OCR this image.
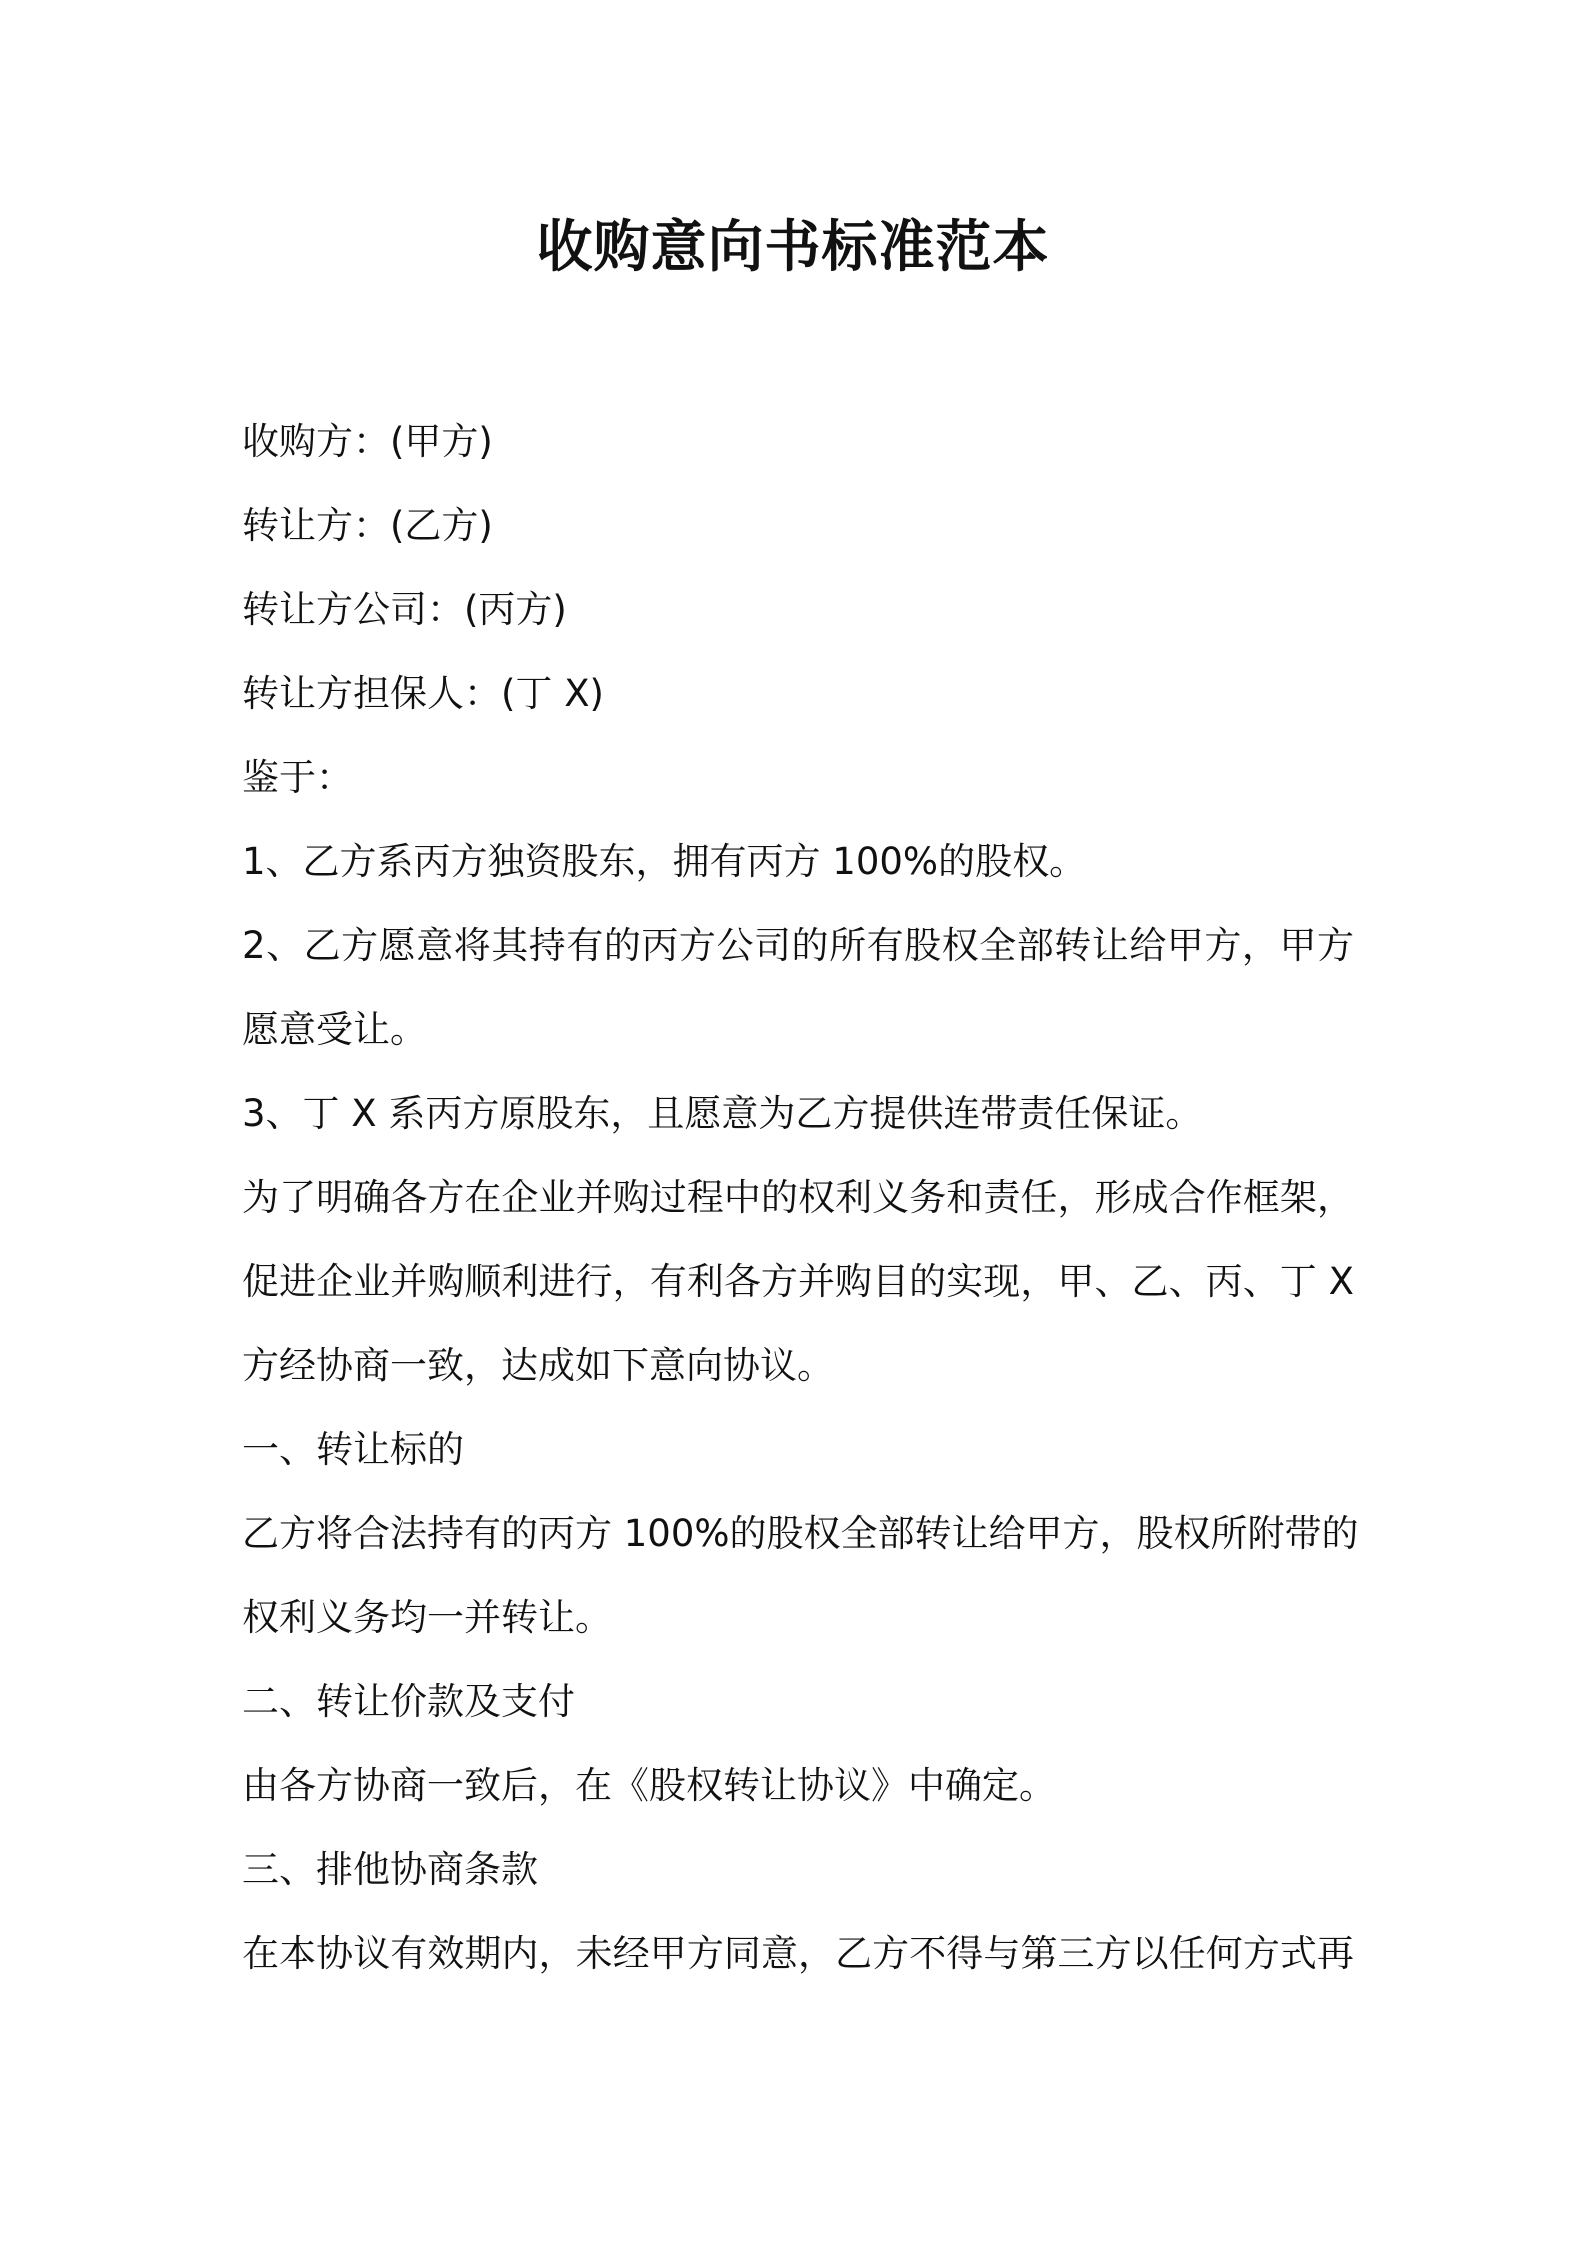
收购意向书标准范本

收购方：(甲方)

转让方：(乙方)

转让方公司：(丙方)

转让方担保人：(丁 X)

鉴于：

1、乙方系丙方独资股东，拥有丙方 100%的股权。

2、乙方愿意将其持有的丙方公司的所有股权全部转让给甲方，甲方

愿意受让。

3、丁 X 系丙方原股东，且愿意为乙方提供连带责任保证。

为了明确各方在企业并购过程中的权利义务和责任，形成合作框架，

促进企业并购顺利进行，有利各方并购目的实现，甲、乙、丙、丁 X

方经协商一致，达成如下意向协议。

一、转让标的

乙方将合法持有的丙方 100%的股权全部转让给甲方，股权所附带的

权利义务均一并转让。

二、转让价款及支付

由各方协商一致后，在《股权转让协议》中确定。

三、排他协商条款

在本协议有效期内，未经甲方同意，乙方不得与第三方以任何方式再
